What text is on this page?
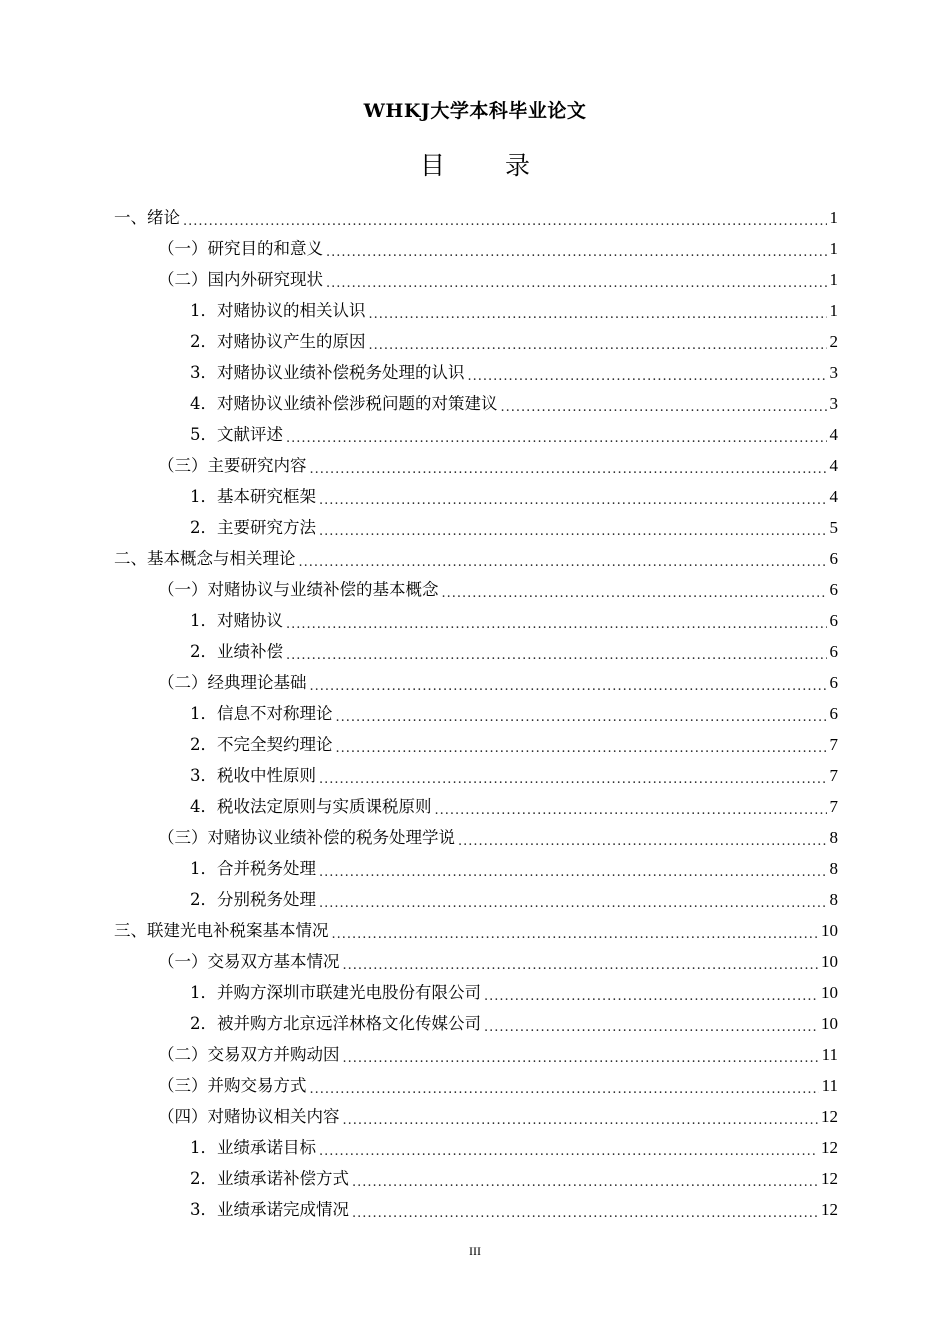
WHKJ大学本科毕业论文
目 录
一、绪论 .....	1
（一）研究目的和意义 .....	1
（二）国内外研究现状 .....	1
1．对赌协议的相关认识 .....	1
2．对赌协议产生的原因 .....	2
3．对赌协议业绩补偿税务处理的认识 .....	3
4．对赌协议业绩补偿涉税问题的对策建议 .....	3
5．文献评述 .....	4
（三）主要研究内容 .....	4
1．基本研究框架 .....	4
2．主要研究方法 .....	5
二、基本概念与相关理论 .....	6
（一）对赌协议与业绩补偿的基本概念 .....	6
1．对赌协议 .....	6
2．业绩补偿 .....	6
（二）经典理论基础 .....	6
1．信息不对称理论 .....	6
2．不完全契约理论 .....	7
3．税收中性原则 .....	7
4．税收法定原则与实质课税原则 .....	7
（三）对赌协议业绩补偿的税务处理学说 .....	8
1．合并税务处理 .....	8
2．分别税务处理 .....	8
三、联建光电补税案基本情况 .....	10
（一）交易双方基本情况 .....	10
1．并购方深圳市联建光电股份有限公司 .....	10
2．被并购方北京远洋林格文化传媒公司 .....	10
（二）交易双方并购动因 .....	11
（三）并购交易方式 .....	11
（四）对赌协议相关内容 .....	12
1．业绩承诺目标 .....	12
2．业绩承诺补偿方式 .....	12
3．业绩承诺完成情况 .....	12
III
